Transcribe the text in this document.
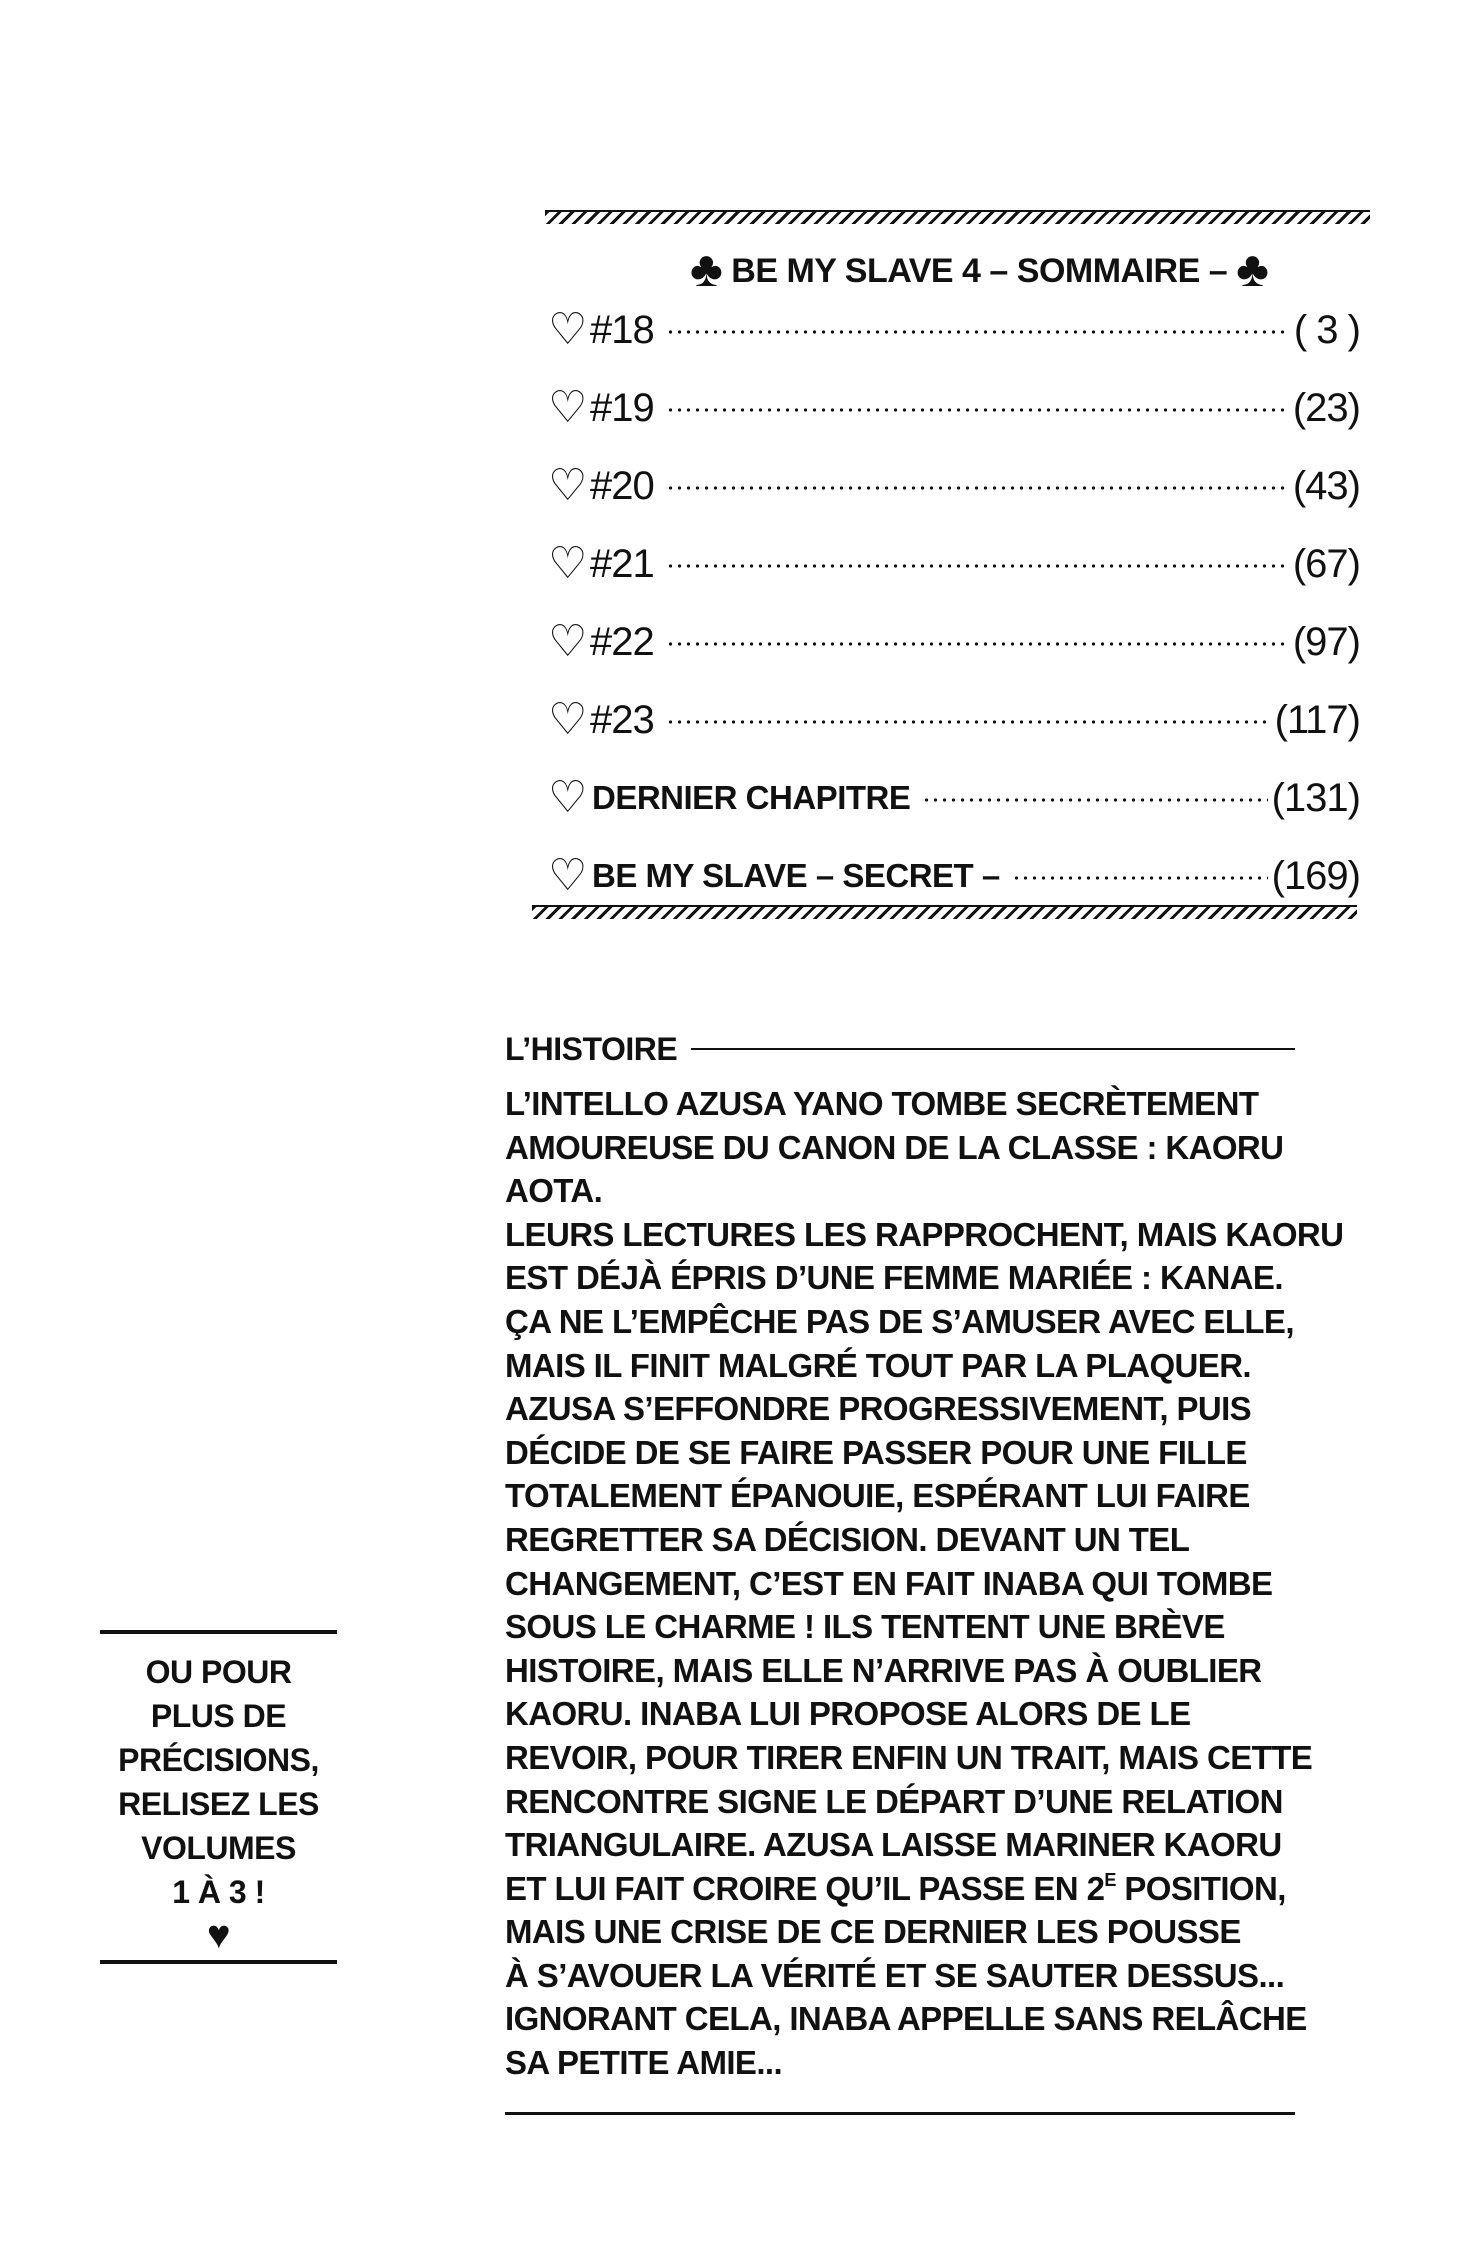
♣ BE MY SLAVE 4 – SOMMAIRE – ♣
♡ #18	( 3 )
♡ #19	(23)
♡ #20	(43)
♡ #21	(67)
♡ #22	(97)
♡ #23	(117)
♡ DERNIER CHAPITRE	(131)
♡ BE MY SLAVE – SECRET –	(169)
L’HISTOIRE
L’INTELLO AZUSA YANO TOMBE SECRÈTEMENT
AMOUREUSE DU CANON DE LA CLASSE : KAORU
AOTA.
LEURS LECTURES LES RAPPROCHENT, MAIS KAORU
EST DÉJÀ ÉPRIS D’UNE FEMME MARIÉE : KANAE.
ÇA NE L’EMPÊCHE PAS DE S’AMUSER AVEC ELLE,
MAIS IL FINIT MALGRÉ TOUT PAR LA PLAQUER.
AZUSA S’EFFONDRE PROGRESSIVEMENT, PUIS
DÉCIDE DE SE FAIRE PASSER POUR UNE FILLE
TOTALEMENT ÉPANOUIE, ESPÉRANT LUI FAIRE
REGRETTER SA DÉCISION. DEVANT UN TEL
CHANGEMENT, C’EST EN FAIT INABA QUI TOMBE
SOUS LE CHARME ! ILS TENTENT UNE BRÈVE
HISTOIRE, MAIS ELLE N’ARRIVE PAS À OUBLIER
KAORU. INABA LUI PROPOSE ALORS DE LE
REVOIR, POUR TIRER ENFIN UN TRAIT, MAIS CETTE
RENCONTRE SIGNE LE DÉPART D’UNE RELATION
TRIANGULAIRE. AZUSA LAISSE MARINER KAORU
ET LUI FAIT CROIRE QU’IL PASSE EN $2^E$ POSITION,
MAIS UNE CRISE DE CE DERNIER LES POUSSE
À S’AVOUER LA VÉRITÉ ET SE SAUTER DESSUS...
IGNORANT CELA, INABA APPELLE SANS RELÂCHE
SA PETITE AMIE...
OU POUR
PLUS DE
PRÉCISIONS,
RELISEZ LES
VOLUMES
1 À 3 !
♥
